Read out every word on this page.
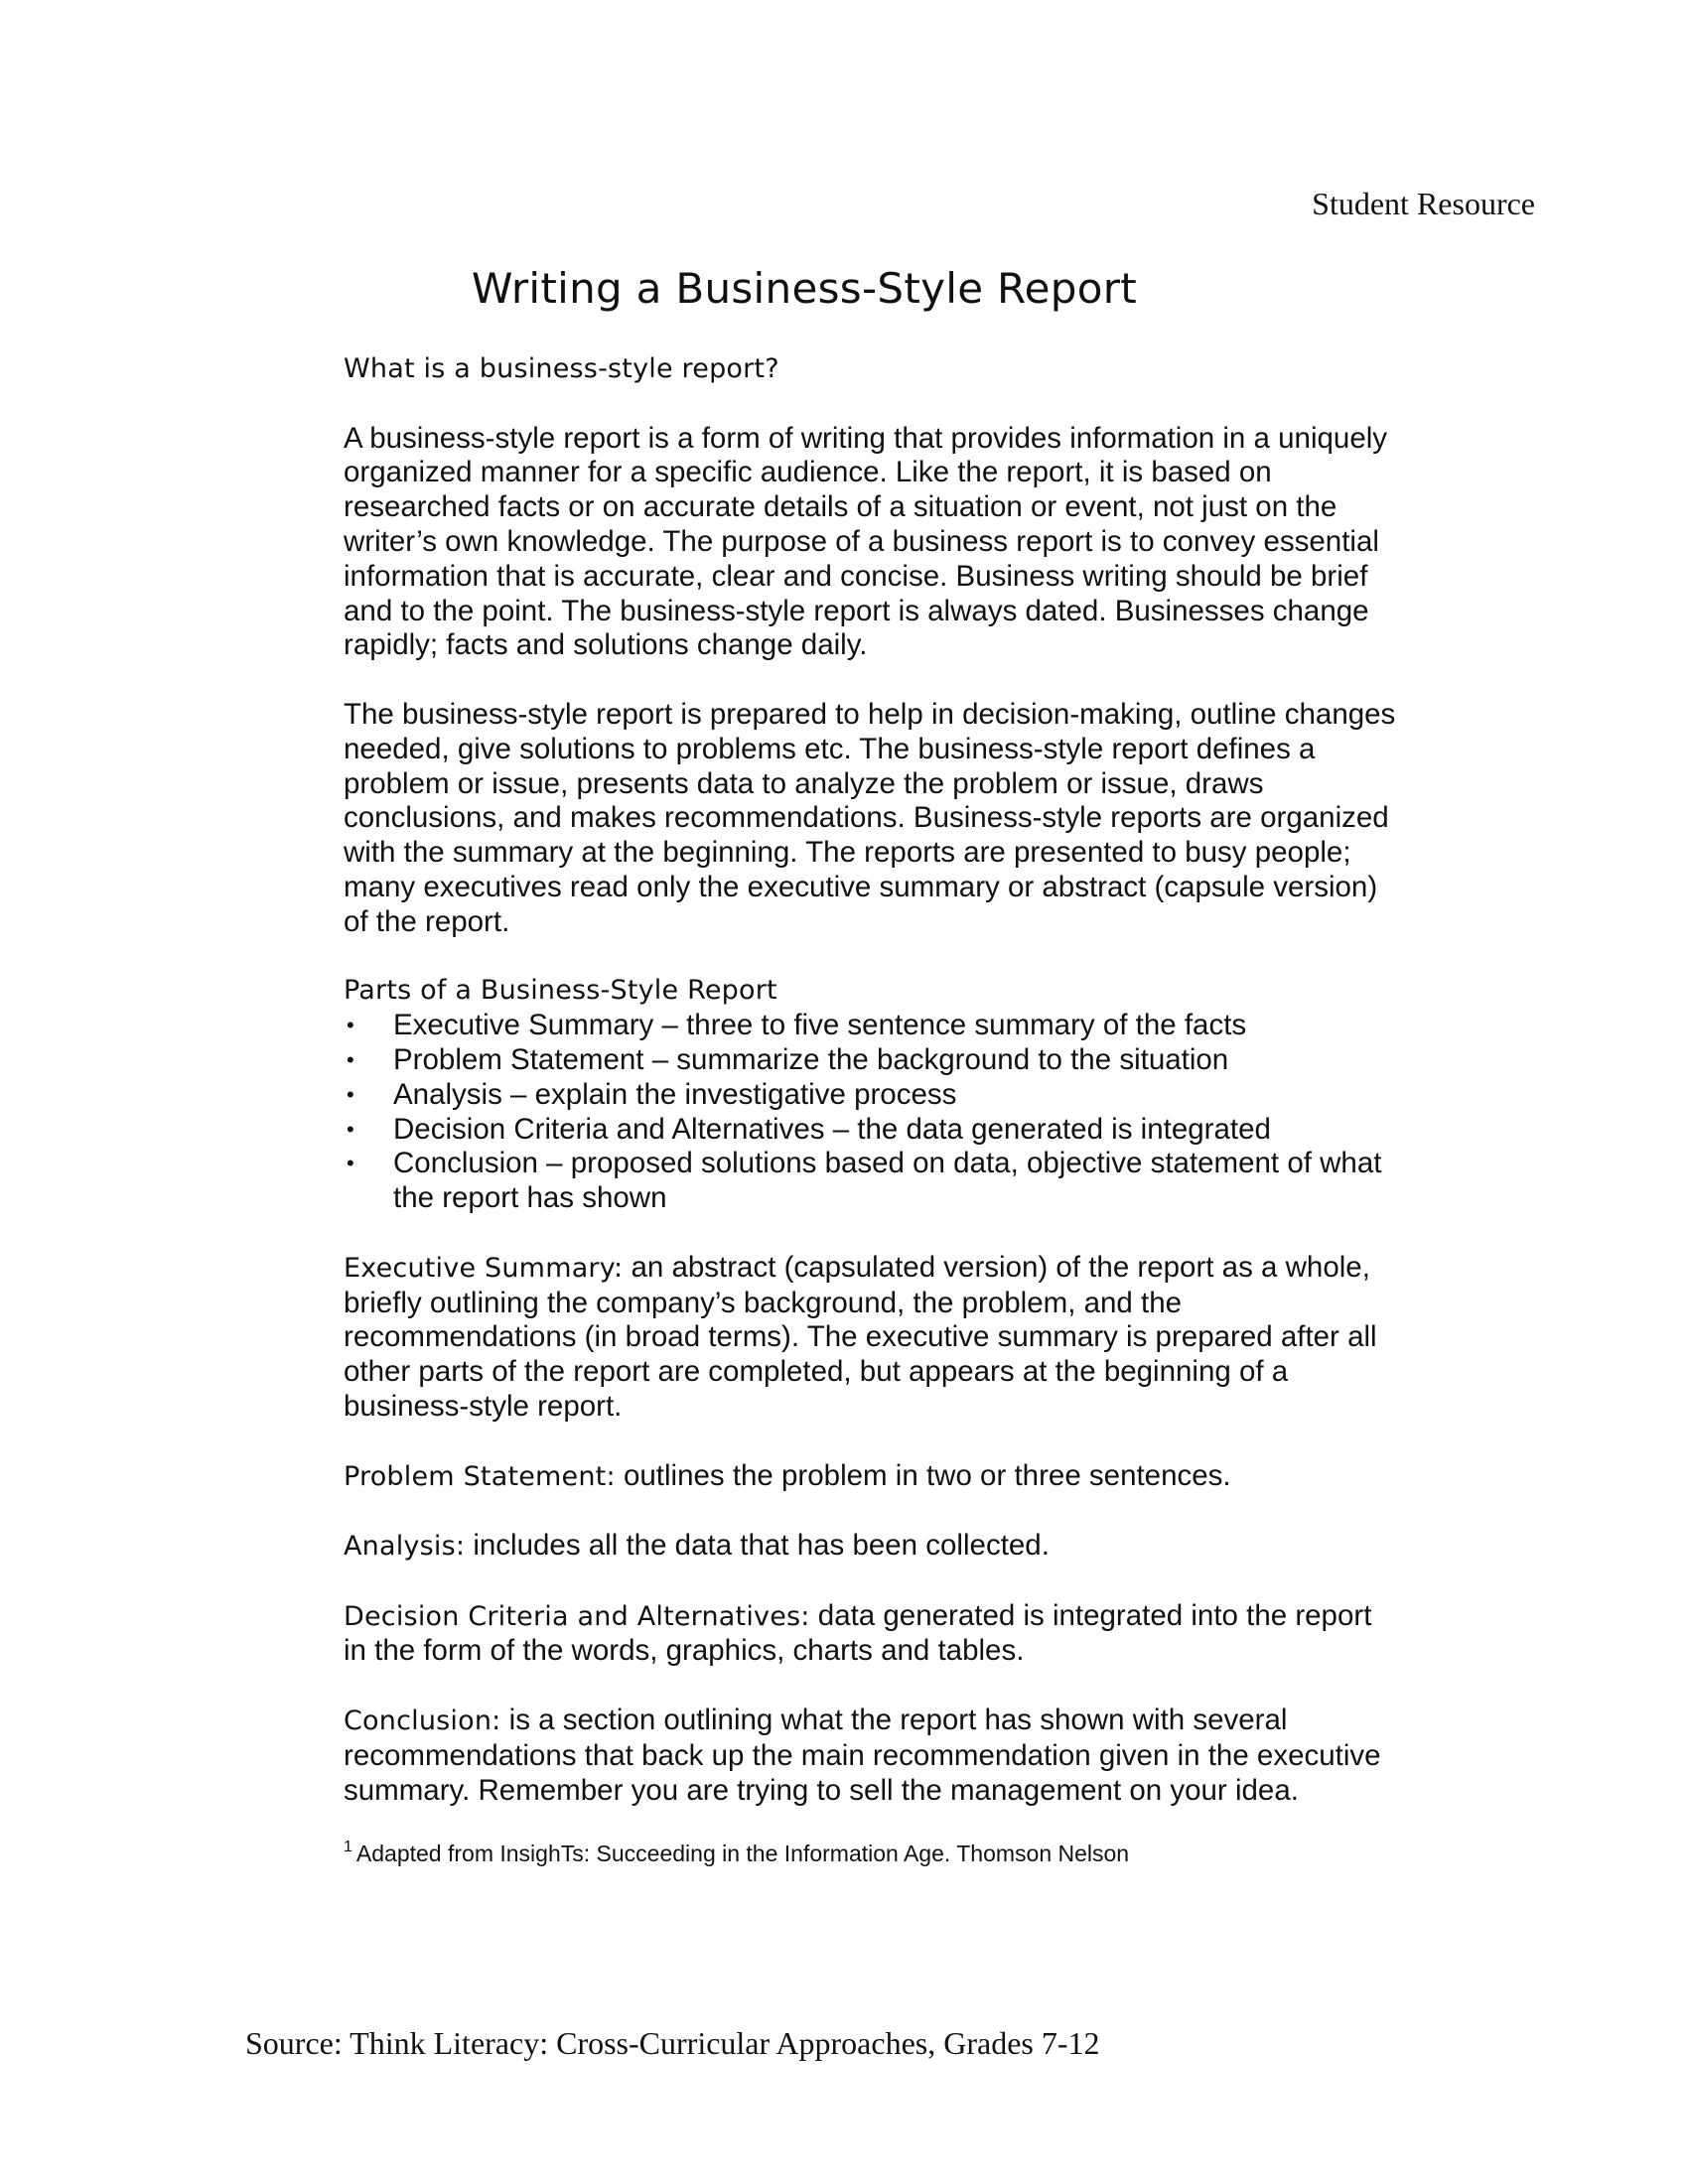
Student Resource
Writing a Business-Style Report

What is a business-style report?

A business-style report is a form of writing that provides information in a uniquely organized manner for a specific audience. Like the report, it is based on researched facts or on accurate details of a situation or event, not just on the writer’s own knowledge. The purpose of a business report is to convey essential information that is accurate, clear and concise. Business writing should be brief and to the point. The business-style report is always dated. Businesses change rapidly; facts and solutions change daily.

The business-style report is prepared to help in decision-making, outline changes needed, give solutions to problems etc. The business-style report defines a problem or issue, presents data to analyze the problem or issue, draws conclusions, and makes recommendations. Business-style reports are organized with the summary at the beginning. The reports are presented to busy people; many executives read only the executive summary or abstract (capsule version) of the report.

Parts of a Business-Style Report
• Executive Summary – three to five sentence summary of the facts
• Problem Statement – summarize the background to the situation
• Analysis – explain the investigative process
• Decision Criteria and Alternatives – the data generated is integrated
• Conclusion – proposed solutions based on data, objective statement of what the report has shown

Executive Summary: an abstract (capsulated version) of the report as a whole, briefly outlining the company’s background, the problem, and the recommendations (in broad terms). The executive summary is prepared after all other parts of the report are completed, but appears at the beginning of a business-style report.

Problem Statement: outlines the problem in two or three sentences.

Analysis: includes all the data that has been collected.

Decision Criteria and Alternatives: data generated is integrated into the report in the form of the words, graphics, charts and tables.

Conclusion: is a section outlining what the report has shown with several recommendations that back up the main recommendation given in the executive summary. Remember you are trying to sell the management on your idea.

$^1$ Adapted from InsighTs: Succeeding in the Information Age. Thomson Nelson
Source: Think Literacy: Cross-Curricular Approaches, Grades 7-12
